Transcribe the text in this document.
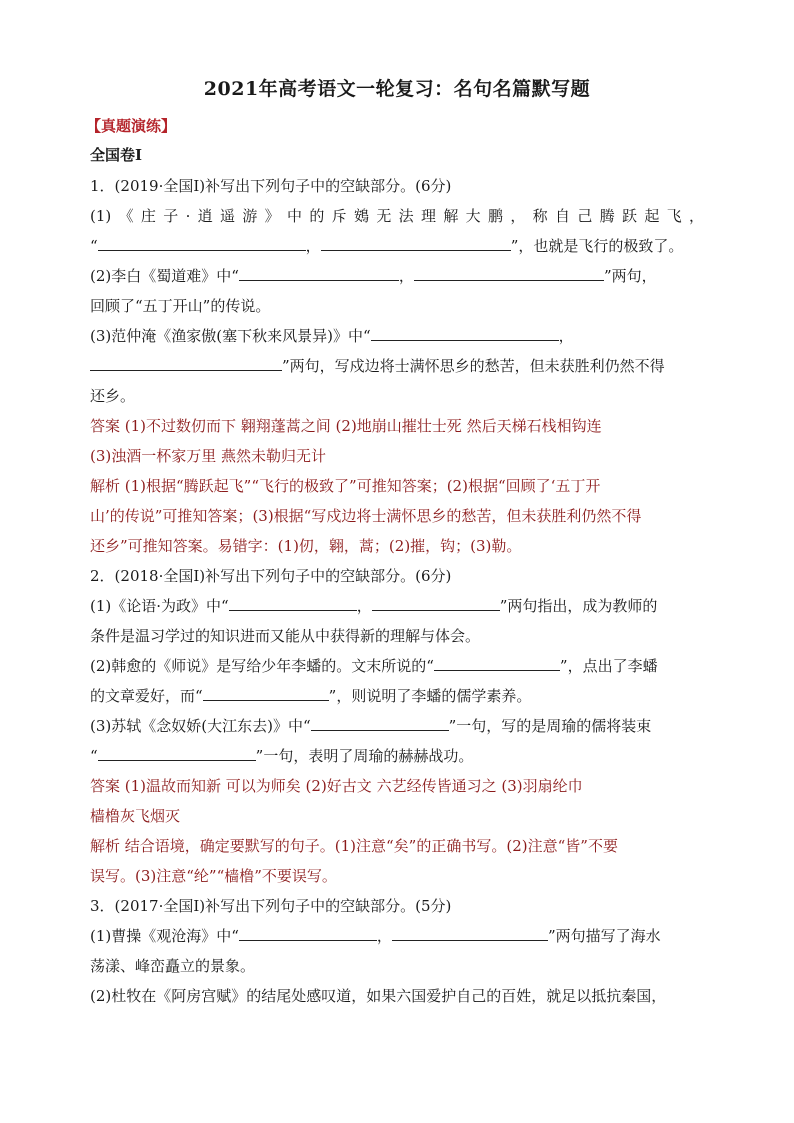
2021年高考语文一轮复习：名句名篇默写题
【真题演练】
全国卷Ⅰ

1．(2019·全国Ⅰ)补写出下列句子中的空缺部分。(6分)

(1)《庄子·逍遥游》中的斥鴳无法理解大鹏，称自己腾跃起飞，

“	，	”，也就是飞行的极致了。

(2)李白《蜀道难》中“	，	”两句，

回顾了“五丁开山”的传说。

(3)范仲淹《渔家傲(塞下秋来风景异)》中“	，

”两句，写戍边将士满怀思乡的愁苦，但未获胜利仍然不得

还乡。

答案 (1)不过数仞而下 翱翔蓬蒿之间 (2)地崩山摧壮士死 然后天梯石栈相钩连

(3)浊酒一杯家万里 燕然未勒归无计

解析 (1)根据“腾跃起飞”“飞行的极致了”可推知答案；(2)根据“回顾了‘五丁开

山’的传说”可推知答案；(3)根据“写戍边将士满怀思乡的愁苦，但未获胜利仍然不得

还乡”可推知答案。易错字：(1)仞，翱，蒿；(2)摧，钩；(3)勒。

2．(2018·全国Ⅰ)补写出下列句子中的空缺部分。(6分)

(1)《论语·为政》中“	，	”两句指出，成为教师的

条件是温习学过的知识进而又能从中获得新的理解与体会。

(2)韩愈的《师说》是写给少年李蟠的。文末所说的“	”，点出了李蟠

的文章爱好，而“	”，则说明了李蟠的儒学素养。

(3)苏轼《念奴娇(大江东去)》中“	”一句，写的是周瑜的儒将装束

“	”一句，表明了周瑜的赫赫战功。

答案 (1)温故而知新 可以为师矣 (2)好古文 六艺经传皆通习之 (3)羽扇纶巾

樯橹灰飞烟灭

解析 结合语境，确定要默写的句子。(1)注意“矣”的正确书写。(2)注意“皆”不要

误写。(3)注意“纶”“樯橹”不要误写。

3．(2017·全国Ⅰ)补写出下列句子中的空缺部分。(5分)

(1)曹操《观沧海》中“	，	”两句描写了海水

荡漾、峰峦矗立的景象。

(2)杜牧在《阿房宫赋》的结尾处感叹道，如果六国爱护自己的百姓，就足以抵抗秦国，
